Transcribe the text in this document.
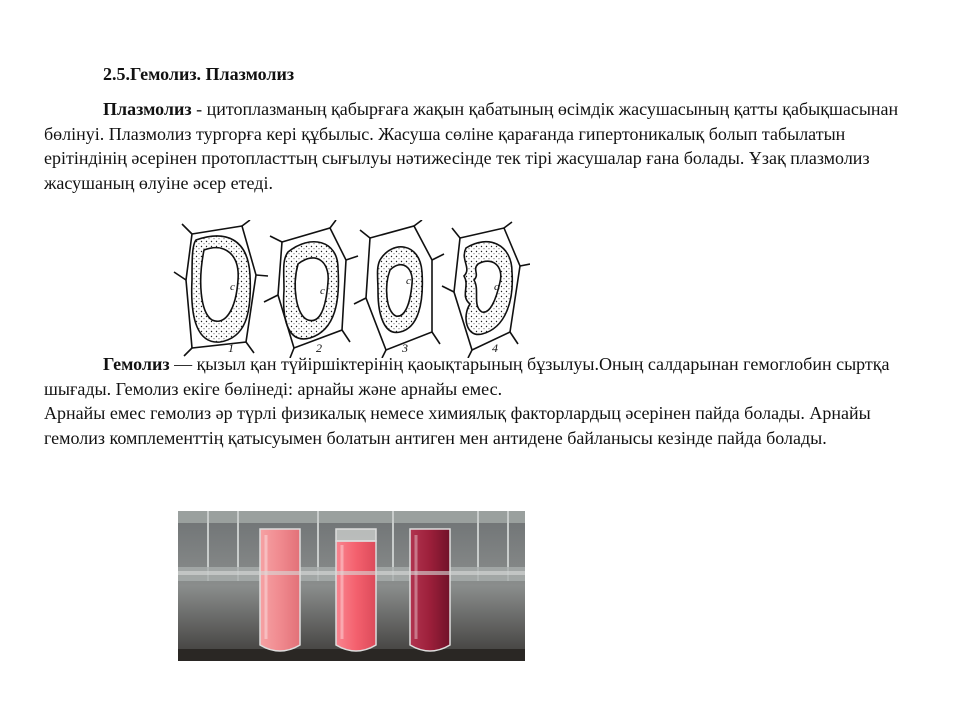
2.5.Гемолиз. Плазмолиз

Плазмолиз - цитоплазманың қабырғаға жақын қабатының өсімдік жасушасының қатты қабықшасынан бөлінуі. Плазмолиз тургорға кері құбылыс. Жасуша сөліне қарағанда гипертоникалық болып табылатын ерітіндінің әсерінен протопласттың сығылуы нәтижесінде тек тірі жасушалар ғана болады. Ұзақ плазмолиз жасушаның өлуіне әсер етеді.

с
1
с
2
с
3
с
4

Гемолиз — қызыл қан түйіршіктерінің қаоықтарының бұзылуы.Оның салдарынан гемоглобин сыртқа шығады. Гемолиз екіге бөлінеді: арнайы және арнайы емес.

Арнайы емес гемолиз әр түрлі физикалық немесе химиялық факторлардыц әсерінен пайда болады. Арнайы гемолиз комплементтің қатысуымен болатын антиген мен антидене байланысы кезінде пайда болады.
